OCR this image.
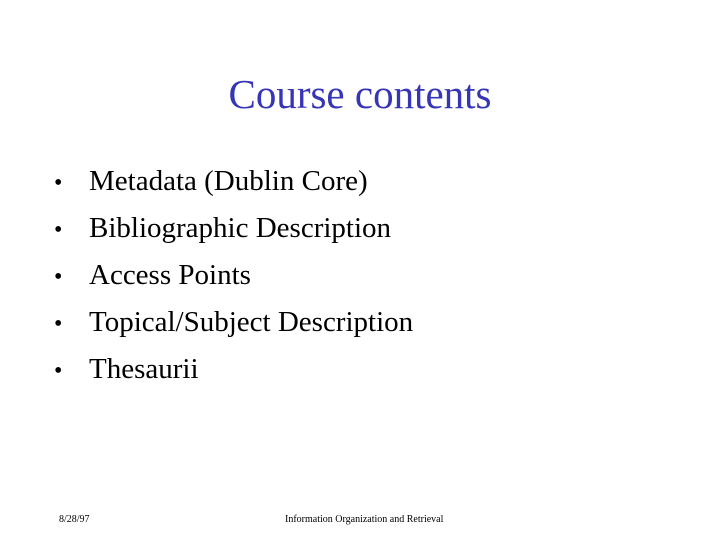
Course contents
• Metadata (Dublin Core)
• Bibliographic Description
• Access Points
• Topical/Subject Description
• Thesaurii
8/28/97	Information Organization and Retrieval
